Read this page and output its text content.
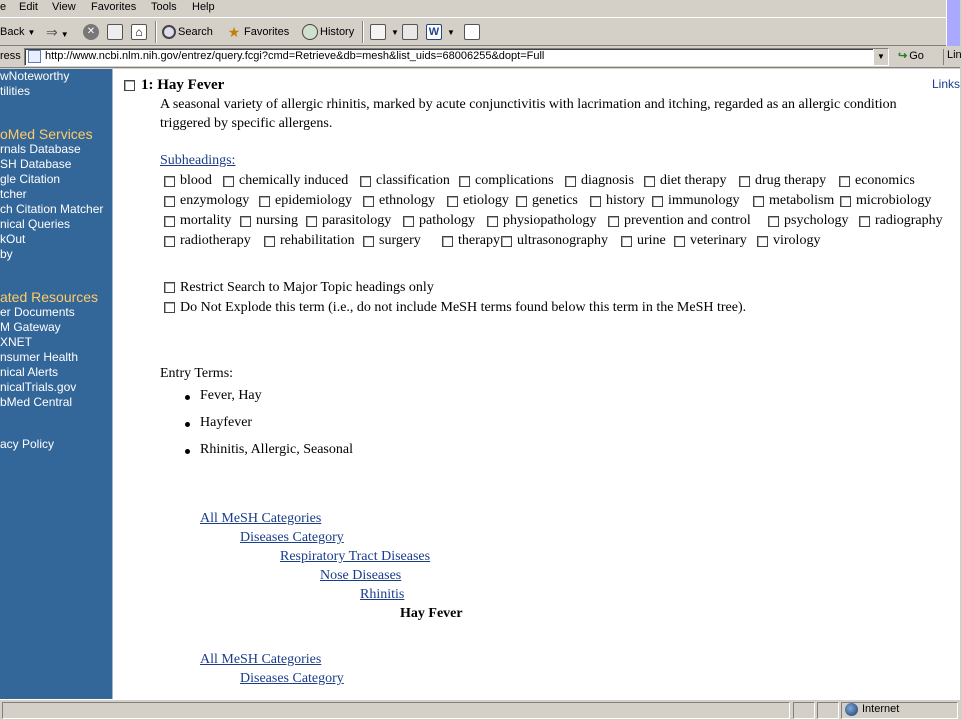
e Edit View Favorites Tools Help
Back ▼ ⇒ ▼	✕	⌂	Search ★ Favorites	History	▼	W ▼
ress http://www.ncbi.nlm.nih.gov/entrez/query.fcgi?cmd=Retrieve&db=mesh&list_uids=68006255&dopt=Full	▼ ↪ Go	Lin
wNoteworthy
tilities
oMed Services
rnals Database
SH Database
gle Citation
tcher
ch Citation Matcher
nical Queries
kOut
by
ated Resources
er Documents
M Gateway
XNET
nsumer Health
nical Alerts
nicalTrials.gov
bMed Central
acy Policy
1: Hay Fever	Links
A seasonal variety of allergic rhinitis, marked by acute conjunctivitis with lacrimation and itching, regarded as an allergic condition
triggered by specific allergens.
Subheadings:
blood chemically induced classification complications diagnosis diet therapy drug therapy economics
enzymology epidemiology ethnology etiology genetics history immunology metabolism microbiology
mortality nursing parasitology pathology physiopathology prevention and control psychology radiography
radiotherapy rehabilitation surgery	therapy ultrasonography urine veterinary virology
Restrict Search to Major Topic headings only
Do Not Explode this term (i.e., do not include MeSH terms found below this term in the MeSH tree).
Entry Terms:
Fever, Hay
Hayfever
Rhinitis, Allergic, Seasonal
All MeSH Categories
Diseases Category
Respiratory Tract Diseases
Nose Diseases
Rhinitis
Hay Fever
All MeSH Categories
Diseases Category
Internet
